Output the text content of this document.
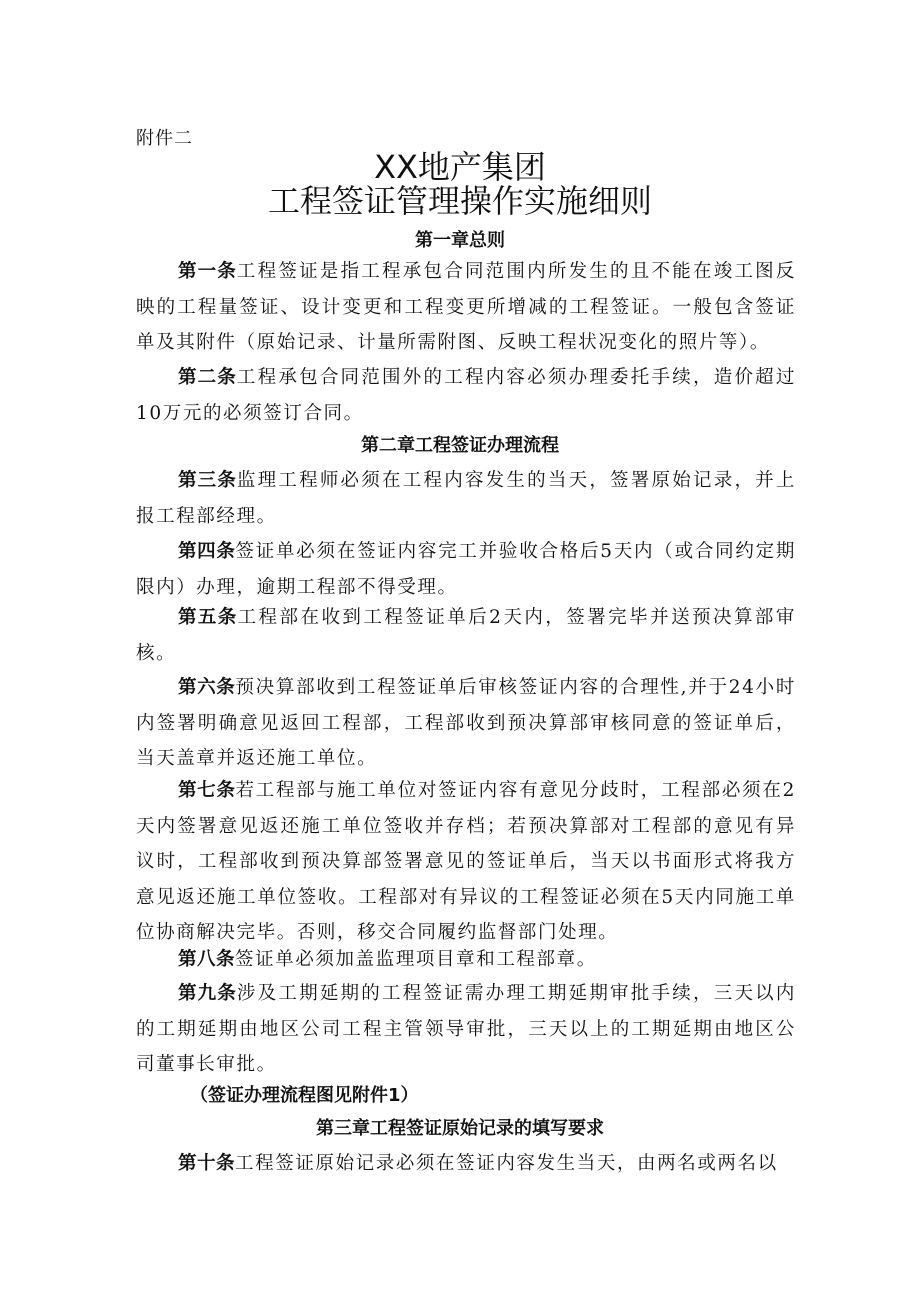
附件二
XX地产集团
工程签证管理操作实施细则
第一章总则
第一条工程签证是指工程承包合同范围内所发生的且不能在竣工图反映的工程量签证、设计变更和工程变更所增减的工程签证。一般包含签证单及其附件（原始记录、计量所需附图、反映工程状况变化的照片等）。
第二条工程承包合同范围外的工程内容必须办理委托手续，造价超过10万元的必须签订合同。
第二章工程签证办理流程
第三条监理工程师必须在工程内容发生的当天，签署原始记录，并上报工程部经理。
第四条签证单必须在签证内容完工并验收合格后5天内（或合同约定期限内）办理，逾期工程部不得受理。
第五条工程部在收到工程签证单后2天内，签署完毕并送预决算部审核。
第六条预决算部收到工程签证单后审核签证内容的合理性,并于24小时内签署明确意见返回工程部，工程部收到预决算部审核同意的签证单后，当天盖章并返还施工单位。
第七条若工程部与施工单位对签证内容有意见分歧时，工程部必须在2天内签署意见返还施工单位签收并存档；若预决算部对工程部的意见有异议时，工程部收到预决算部签署意见的签证单后，当天以书面形式将我方意见返还施工单位签收。工程部对有异议的工程签证必须在5天内同施工单位协商解决完毕。否则，移交合同履约监督部门处理。
第八条签证单必须加盖监理项目章和工程部章。
第九条涉及工期延期的工程签证需办理工期延期审批手续，三天以内的工期延期由地区公司工程主管领导审批，三天以上的工期延期由地区公司董事长审批。
（签证办理流程图见附件1）
第三章工程签证原始记录的填写要求
第十条工程签证原始记录必须在签证内容发生当天，由两名或两名以
